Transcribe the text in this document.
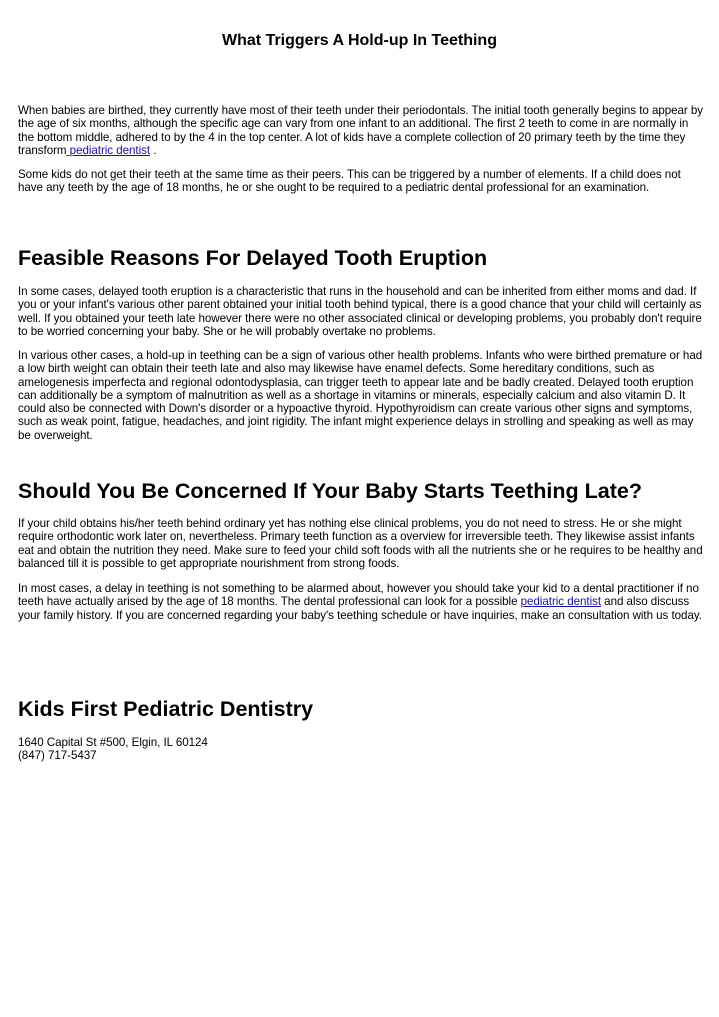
What Triggers A Hold-up In Teething

When babies are birthed, they currently have most of their teeth under their periodontals. The initial tooth generally begins to appear by the age of six months, although the specific age can vary from one infant to an additional. The first 2 teeth to come in are normally in the bottom middle, adhered to by the 4 in the top center. A lot of kids have a complete collection of 20 primary teeth by the time they transform pediatric dentist .

Some kids do not get their teeth at the same time as their peers. This can be triggered by a number of elements. If a child does not have any teeth by the age of 18 months, he or she ought to be required to a pediatric dental professional for an examination.

Feasible Reasons For Delayed Tooth Eruption

In some cases, delayed tooth eruption is a characteristic that runs in the household and can be inherited from either moms and dad. If you or your infant's various other parent obtained your initial tooth behind typical, there is a good chance that your child will certainly as well. If you obtained your teeth late however there were no other associated clinical or developing problems, you probably don't require to be worried concerning your baby. She or he will probably overtake no problems.

In various other cases, a hold-up in teething can be a sign of various other health problems. Infants who were birthed premature or had a low birth weight can obtain their teeth late and also may likewise have enamel defects. Some hereditary conditions, such as amelogenesis imperfecta and regional odontodysplasia, can trigger teeth to appear late and be badly created. Delayed tooth eruption can additionally be a symptom of malnutrition as well as a shortage in vitamins or minerals, especially calcium and also vitamin D. It could also be connected with Down's disorder or a hypoactive thyroid. Hypothyroidism can create various other signs and symptoms, such as weak point, fatigue, headaches, and joint rigidity. The infant might experience delays in strolling and speaking as well as may be overweight.

Should You Be Concerned If Your Baby Starts Teething Late?

If your child obtains his/her teeth behind ordinary yet has nothing else clinical problems, you do not need to stress. He or she might require orthodontic work later on, nevertheless. Primary teeth function as a overview for irreversible teeth. They likewise assist infants eat and obtain the nutrition they need. Make sure to feed your child soft foods with all the nutrients she or he requires to be healthy and balanced till it is possible to get appropriate nourishment from strong foods.

In most cases, a delay in teething is not something to be alarmed about, however you should take your kid to a dental practitioner if no teeth have actually arised by the age of 18 months. The dental professional can look for a possible pediatric dentist and also discuss your family history. If you are concerned regarding your baby's teething schedule or have inquiries, make an consultation with us today.

Kids First Pediatric Dentistry

1640 Capital St #500, Elgin, IL 60124

(847) 717-5437
